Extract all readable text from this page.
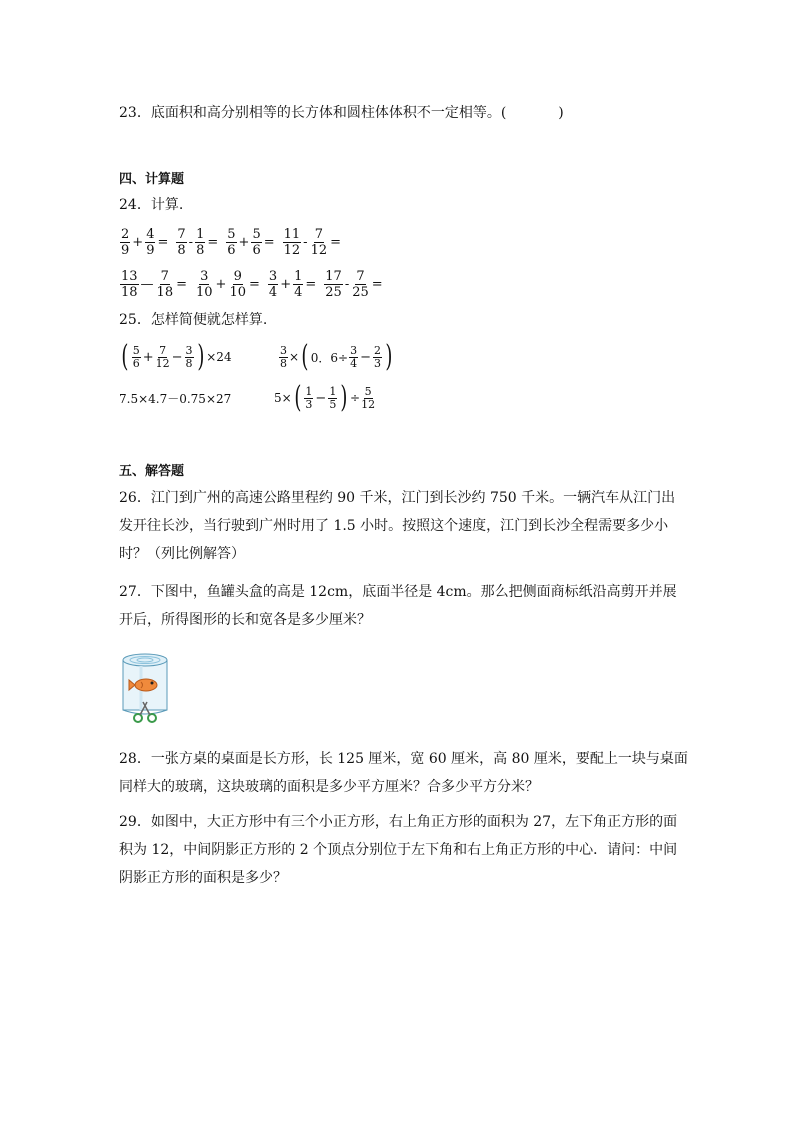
23．底面积和高分别相等的长方体和圆柱体体积不一定相等。(	)
四、计算题
24．计算.
$\frac{2}{9} + \frac{4}{9} = \frac{7}{8} - \frac{1}{8} = \frac{5}{6} + \frac{5}{6} = \frac{11}{12} - \frac{7}{12}$ =
$\frac{13}{18}$ — $\frac{7}{18} = \frac{3}{10} + \frac{9}{10} = \frac{3}{4} + \frac{1}{4} = \frac{17}{25} - \frac{7}{25}$ =
25．怎样简便就怎样算.
( $\frac{5}{6} + \frac{7}{12} - \frac{3}{8}$ ) ×24	$\frac{3}{8}$ × ( 0．$6\div \frac{3}{4} - \frac{2}{3}$ )
7.5×4.7－0.75×27	5× ( $\frac{1}{3} - \frac{1}{5}$ ) ÷ $\frac{5}{12}$
五、解答题
26．江门到广州的高速公路里程约 90 千米，江门到长沙约 750 千米。一辆汽车从江门出发开往长沙，当行驶到广州时用了 1.5 小时。按照这个速度，江门到长沙全程需要多少小时？（列比例解答）
27．下图中，鱼罐头盒的高是 12cm，底面半径是 4cm。那么把侧面商标纸沿高剪开并展开后，所得图形的长和宽各是多少厘米？
28．一张方桌的桌面是长方形，长 125 厘米，宽 60 厘米，高 80 厘米，要配上一块与桌面同样大的玻璃，这块玻璃的面积是多少平方厘米？合多少平方分米？
29．如图中，大正方形中有三个小正方形，右上角正方形的面积为 27，左下角正方形的面积为 12，中间阴影正方形的 2 个顶点分别位于左下角和右上角正方形的中心．请问：中间阴影正方形的面积是多少？
